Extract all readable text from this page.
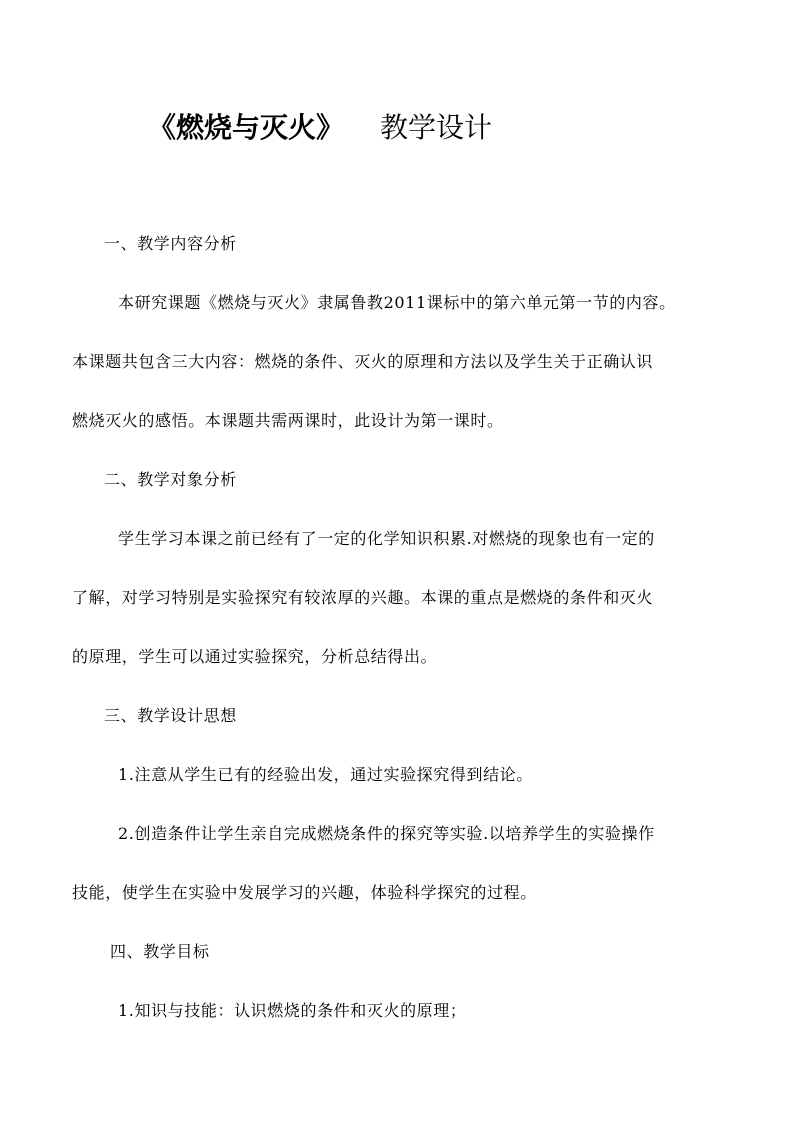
《燃烧与灭火》 教学设计
一、教学内容分析
本研究课题《燃烧与灭火》隶属鲁教2011课标中的第六单元第一节的内容。
本课题共包含三大内容：燃烧的条件、灭火的原理和方法以及学生关于正确认识
燃烧灭火的感悟。本课题共需两课时，此设计为第一课时。
二、教学对象分析
学生学习本课之前已经有了一定的化学知识积累.对燃烧的现象也有一定的
了解，对学习特别是实验探究有较浓厚的兴趣。本课的重点是燃烧的条件和灭火
的原理，学生可以通过实验探究，分析总结得出。
三、教学设计思想
1.注意从学生已有的经验出发，通过实验探究得到结论。
2.创造条件让学生亲自完成燃烧条件的探究等实验.以培养学生的实验操作
技能，使学生在实验中发展学习的兴趣，体验科学探究的过程。
四、教学目标
1.知识与技能：认识燃烧的条件和灭火的原理；
